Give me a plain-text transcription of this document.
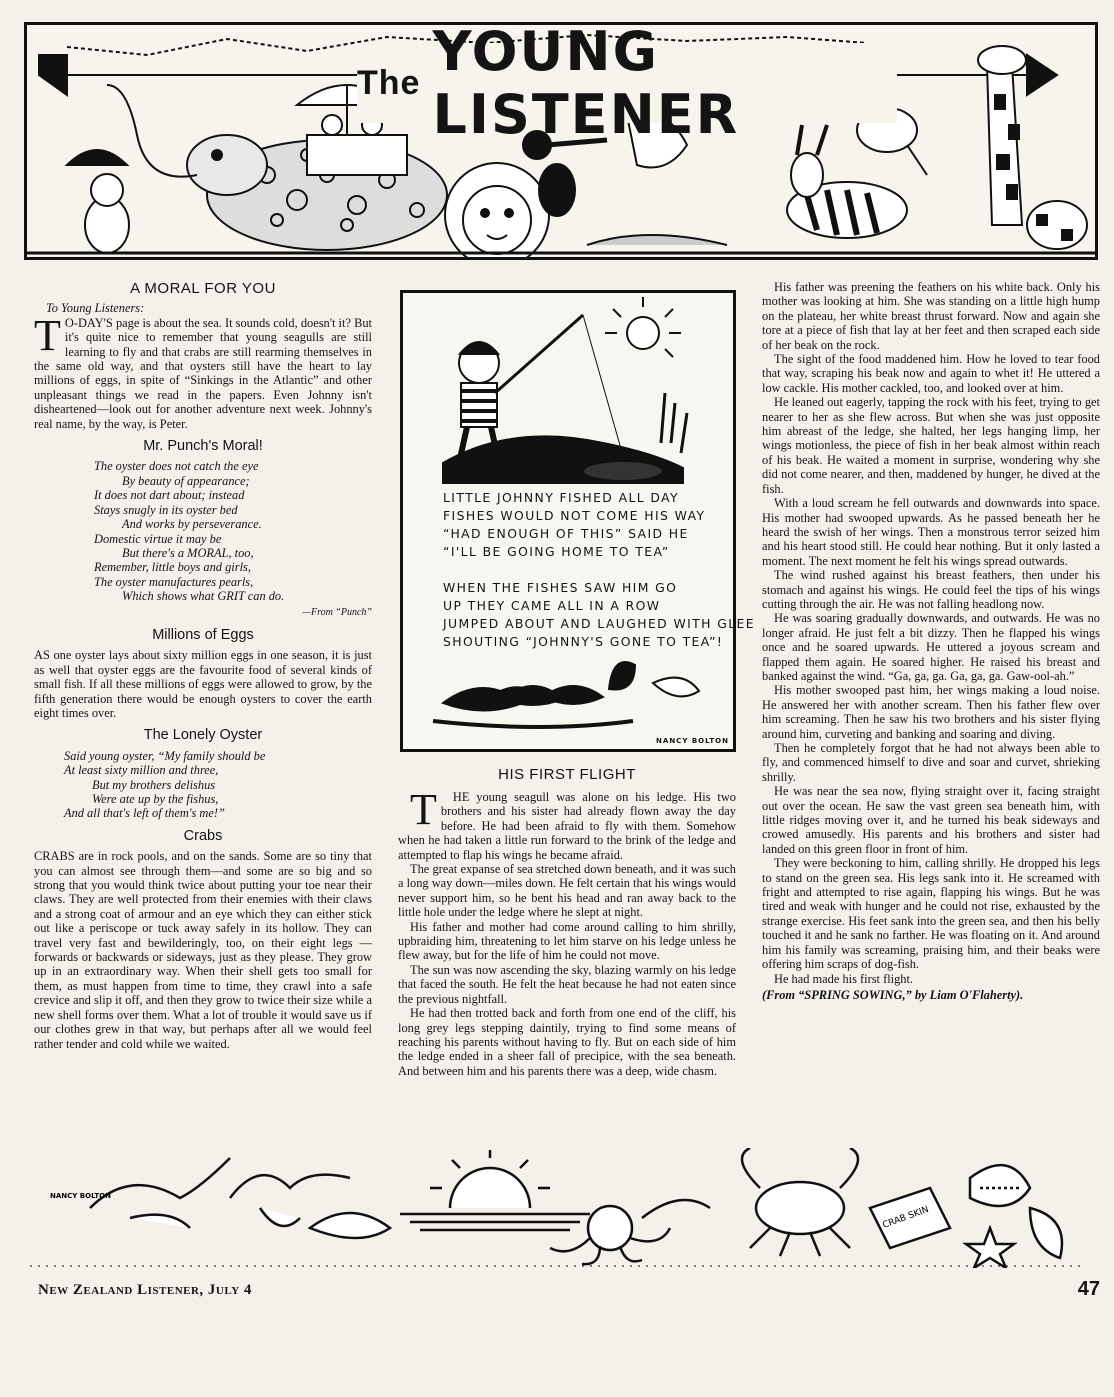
The YOUNG LISTENER
A MORAL FOR YOU

To Young Listeners:

TO-DAY'S page is about the sea. It sounds cold, doesn't it? But it's quite nice to remember that young seagulls are still learning to fly and that crabs are still rearming themselves in the same old way, and that oysters still have the heart to lay millions of eggs, in spite of “Sinkings in the Atlantic” and other unpleasant things we read in the papers. Even Johnny isn't disheartened—look out for another adventure next week. Johnny's real name, by the way, is Peter.

Mr. Punch's Moral!
The oyster does not catch the eye
By beauty of appearance;
It does not dart about; instead
Stays snugly in its oyster bed
And works by perseverance.
Domestic virtue it may be
But there's a MORAL, too,
Remember, little boys and girls,
The oyster manufactures pearls,
Which shows what GRIT can do.
—From “Punch”
Millions of Eggs

AS one oyster lays about sixty million eggs in one season, it is just as well that oyster eggs are the favourite food of several kinds of small fish. If all these millions of eggs were allowed to grow, by the fifth generation there would be enough oysters to cover the earth eight times over.

The Lonely Oyster
Said young oyster, “My family should be
At least sixty million and three,
But my brothers delishus
Were ate up by the fishus,
And all that's left of them's me!”
Crabs

CRABS are in rock pools, and on the sands. Some are so tiny that you can almost see through them—and some are so big and so strong that you would think twice about putting your toe near their claws. They are well protected from their enemies with their claws and a strong coat of armour and an eye which they can either stick out like a periscope or tuck away safely in its hollow. They can travel very fast and bewilderingly, too, on their eight legs —forwards or backwards or sideways, just as they please. They grow up in an extraordinary way. When their shell gets too small for them, as must happen from time to time, they crawl into a safe crevice and slip it off, and then they grow to twice their size while a new shell forms over them. What a lot of trouble it would save us if our clothes grew in that way, but perhaps after all we would feel rather tender and cold while we waited.

LITTLE JOHNNY FISHED ALL DAY
FISHES WOULD NOT COME HIS WAY
“HAD ENOUGH OF THIS” SAID HE
“I'LL BE GOING HOME TO TEA”
WHEN THE FISHES SAW HIM GO
UP THEY CAME ALL IN A ROW
JUMPED ABOUT AND LAUGHED WITH GLEE
SHOUTING “JOHNNY'S GONE TO TEA”!
NANCY BOLTON
HIS FIRST FLIGHT

THE young seagull was alone on his ledge. His two brothers and his sister had already flown away the day before. He had been afraid to fly with them. Somehow when he had taken a little run forward to the brink of the ledge and attempted to flap his wings he became afraid.

The great expanse of sea stretched down beneath, and it was such a long way down—miles down. He felt certain that his wings would never support him, so he bent his head and ran away back to the little hole under the ledge where he slept at night.

His father and mother had come around calling to him shrilly, upbraiding him, threatening to let him starve on his ledge unless he flew away, but for the life of him he could not move.

The sun was now ascending the sky, blazing warmly on his ledge that faced the south. He felt the heat because he had not eaten since the previous nightfall.

He had then trotted back and forth from one end of the cliff, his long grey legs stepping daintily, trying to find some means of reaching his parents without having to fly. But on each side of him the ledge ended in a sheer fall of precipice, with the sea beneath. And between him and his parents there was a deep, wide chasm.

His father was preening the feathers on his white back. Only his mother was looking at him. She was standing on a little high hump on the plateau, her white breast thrust forward. Now and again she tore at a piece of fish that lay at her feet and then scraped each side of her beak on the rock.

The sight of the food maddened him. How he loved to tear food that way, scraping his beak now and again to whet it! He uttered a low cackle. His mother cackled, too, and looked over at him.

He leaned out eagerly, tapping the rock with his feet, trying to get nearer to her as she flew across. But when she was just opposite him abreast of the ledge, she halted, her legs hanging limp, her wings motionless, the piece of fish in her beak almost within reach of his beak. He waited a moment in surprise, wondering why she did not come nearer, and then, maddened by hunger, he dived at the fish.

With a loud scream he fell outwards and downwards into space. His mother had swooped upwards. As he passed beneath her he heard the swish of her wings. Then a monstrous terror seized him and his heart stood still. He could hear nothing. But it only lasted a moment. The next moment he felt his wings spread outwards.

The wind rushed against his breast feathers, then under his stomach and against his wings. He could feel the tips of his wings cutting through the air. He was not falling headlong now.

He was soaring gradually downwards, and outwards. He was no longer afraid. He just felt a bit dizzy. Then he flapped his wings once and he soared upwards. He uttered a joyous scream and flapped them again. He soared higher. He raised his breast and banked against the wind. “Ga, ga, ga. Ga, ga, ga. Gaw-ool-ah.”

His mother swooped past him, her wings making a loud noise. He answered her with another scream. Then his father flew over him screaming. Then he saw his two brothers and his sister flying around him, curveting and banking and soaring and diving.

Then he completely forgot that he had not always been able to fly, and commenced himself to dive and soar and curvet, shrieking shrilly.

He was near the sea now, flying straight over it, facing straight out over the ocean. He saw the vast green sea beneath him, with little ridges moving over it, and he turned his beak sideways and crowed amusedly. His parents and his brothers and sister had landed on this green floor in front of him.

They were beckoning to him, calling shrilly. He dropped his legs to stand on the green sea. His legs sank into it. He screamed with fright and attempted to rise again, flapping his wings. But he was tired and weak with hunger and he could not rise, exhausted by the strange exercise. His feet sank into the green sea, and then his belly touched it and he sank no farther. He was floating on it. And around him his family was screaming, praising him, and their beaks were offering him scraps of dog-fish.

He had made his first flight.

(From “SPRING SOWING,” by Liam O'Flaherty).

NANCY BOLTON
CRAB SKIN
New Zealand Listener, July 4	47
